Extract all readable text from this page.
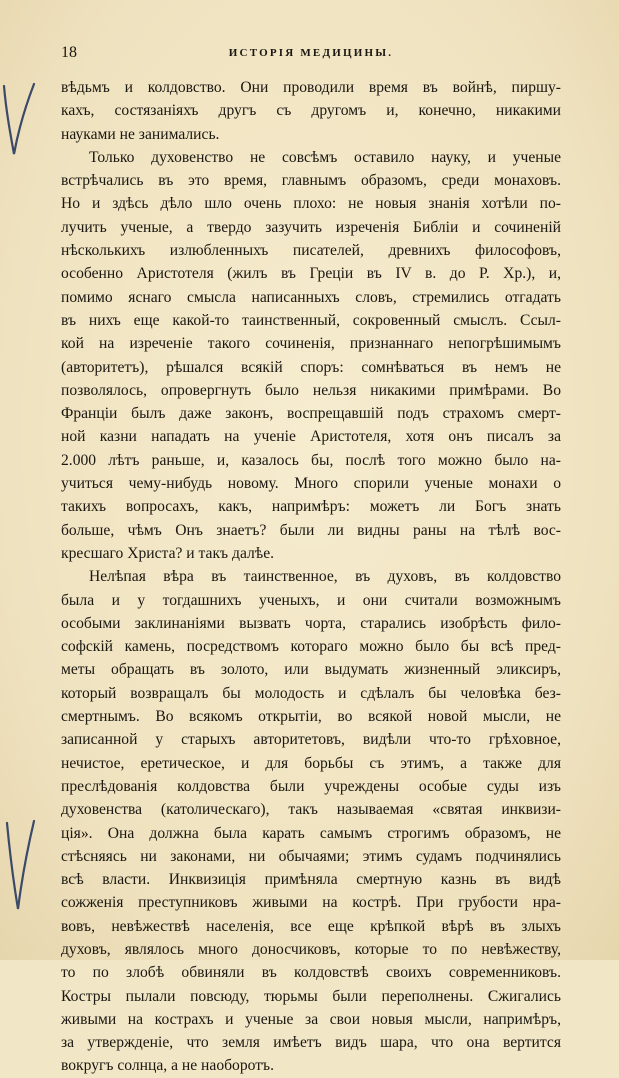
18	ИСТОРІЯ МЕДИЦИНЫ.
вѣдьмъ и колдовство. Они проводили время въ войнѣ, пиршу-
кахъ, состязаніяхъ другъ съ другомъ и, конечно, никакими
науками не занимались.
Только духовенство не совсѣмъ оставило науку, и ученые
встрѣчались въ это время, главнымъ образомъ, среди монаховъ.
Но и здѣсь дѣло шло очень плохо: не новыя знанія хотѣли по-
лучить ученые, а твердо зазучить изреченія Библіи и сочиненій
нѣсколькихъ излюбленныхъ писателей, древнихъ философовъ,
особенно Аристотеля (жилъ въ Греціи въ IV в. до Р. Хр.), и,
помимо яснаго смысла написанныхъ словъ, стремились отгадать
въ нихъ еще какой-то таинственный, сокровенный смыслъ. Ссыл-
кой на изреченіе такого сочиненія, признаннаго непогрѣшимымъ
(авторитетъ), рѣшался всякій споръ: сомнѣваться въ немъ не
позволялось, опровергнуть было нельзя никакими примѣрами. Во
Франціи былъ даже законъ, воспрещавшій подъ страхомъ смерт-
ной казни нападать на ученіе Аристотеля, хотя онъ писалъ за
2.000 лѣтъ раньше, и, казалось бы, послѣ того можно было на-
учиться чему-нибудь новому. Много спорили ученые монахи о
такихъ вопросахъ, какъ, напримѣръ: можетъ ли Богъ знать
больше, чѣмъ Онъ знаетъ? были ли видны раны на тѣлѣ вос-
кресшаго Христа? и такъ далѣе.
Нелѣпая вѣра въ таинственное, въ духовъ, въ колдовство
была и у тогдашнихъ ученыхъ, и они считали возможнымъ
особыми заклинаніями вызвать чорта, старались изобрѣсть фило-
софскій камень, посредствомъ котораго можно было бы всѣ пред-
меты обращать въ золото, или выдумать жизненный эликсиръ,
который возвращалъ бы молодость и сдѣлалъ бы человѣка без-
смертнымъ. Во всякомъ открытіи, во всякой новой мысли, не
записанной у старыхъ авторитетовъ, видѣли что-то грѣховное,
нечистое, еретическое, и для борьбы съ этимъ, а также для
преслѣдованія колдовства были учреждены особые суды изъ
духовенства (католическаго), такъ называемая «святая инквизи-
ція». Она должна была карать самымъ строгимъ образомъ, не
стѣсняясь ни законами, ни обычаями; этимъ судамъ подчинялись
всѣ власти. Инквизиція примѣняла смертную казнь въ видѣ
сожженія преступниковъ живыми на кострѣ. При грубости нра-
вовъ, невѣжествѣ населенія, все еще крѣпкой вѣрѣ въ злыхъ
духовъ, являлось много доносчиковъ, которые то по невѣжеству,
то по злобѣ обвиняли въ колдовствѣ своихъ современниковъ.
Костры пылали повсюду, тюрьмы были переполнены. Сжигались
живыми на кострахъ и ученые за свои новыя мысли, напримѣръ,
за утвержденіе, что земля имѣетъ видъ шара, что она вертится
вокругъ солнца, а не наоборотъ.
